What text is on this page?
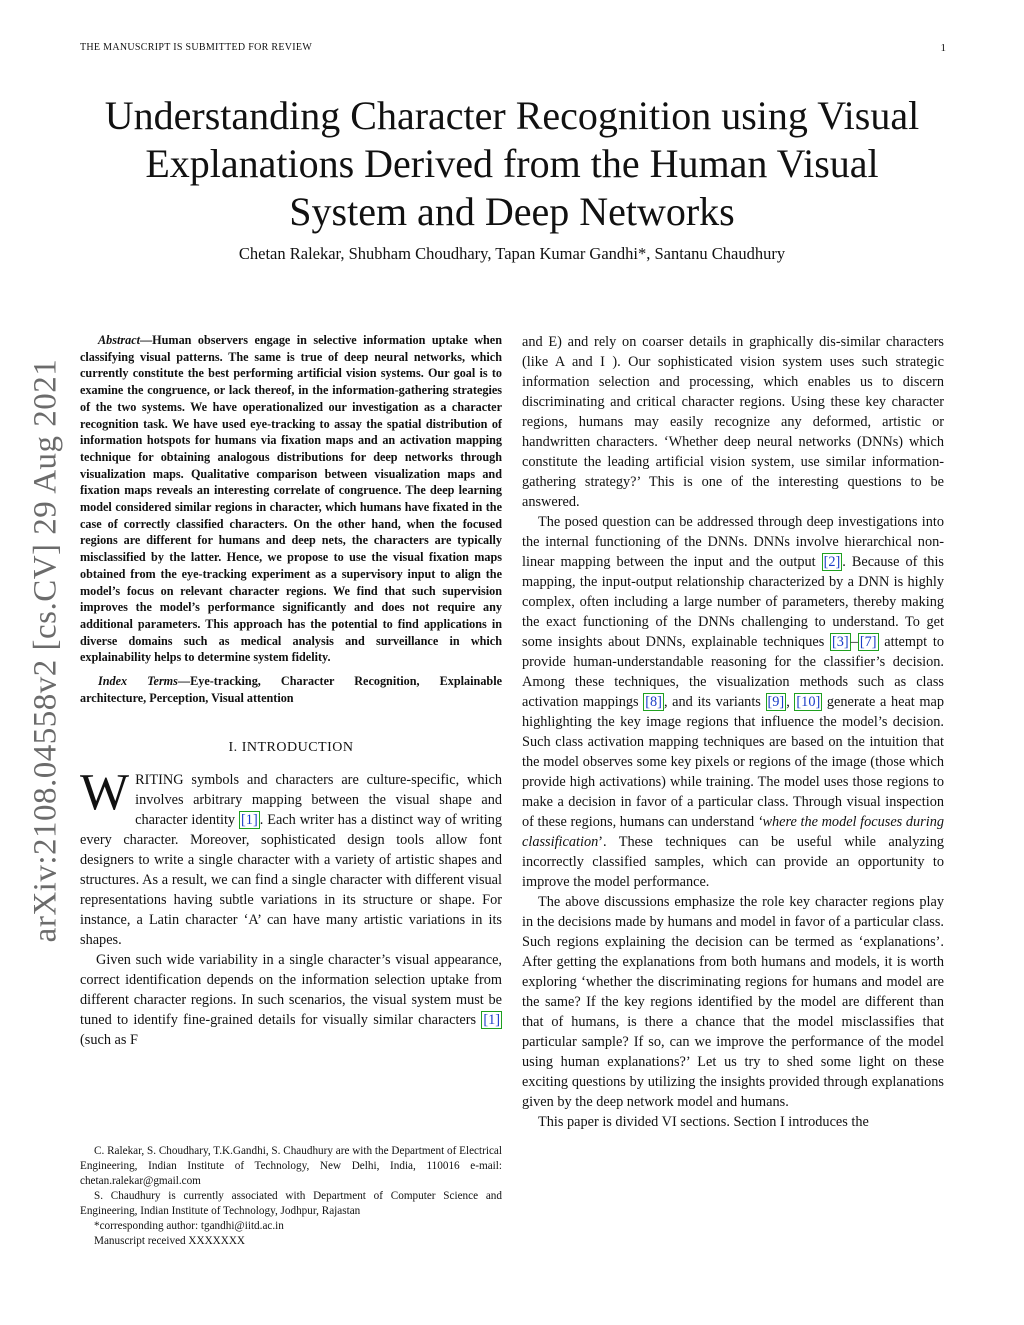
THE MANUSCRIPT IS SUBMITTED FOR REVIEW	1
arXiv:2108.04558v2 [cs.CV] 29 Aug 2021
Understanding Character Recognition using Visual
Explanations Derived from the Human Visual
System and Deep Networks
Chetan Ralekar, Shubham Choudhary, Tapan Kumar Gandhi*, Santanu Chaudhury

Abstract—Human observers engage in selective information uptake when classifying visual patterns. The same is true of deep neural networks, which currently constitute the best performing artificial vision systems. Our goal is to examine the congruence, or lack thereof, in the information-gathering strategies of the two systems. We have operationalized our investigation as a character recognition task. We have used eye-tracking to assay the spatial distribution of information hotspots for humans via fixation maps and an activation mapping technique for obtaining analogous distributions for deep networks through visualization maps. Qualitative comparison between visualization maps and fixation maps reveals an interesting correlate of congruence. The deep learning model considered similar regions in character, which humans have fixated in the case of correctly classified characters. On the other hand, when the focused regions are different for humans and deep nets, the characters are typically misclassified by the latter. Hence, we propose to use the visual fixation maps obtained from the eye-tracking experiment as a supervisory input to align the model’s focus on relevant character regions. We find that such supervision improves the model’s performance significantly and does not require any additional parameters. This approach has the potential to find applications in diverse domains such as medical analysis and surveillance in which explainability helps to determine system fidelity.

Index Terms—Eye-tracking, Character Recognition, Explainable architecture, Perception, Visual attention

I. INTRODUCTION

WRITING symbols and characters are culture-specific, which involves arbitrary mapping between the visual shape and character identity [1] . Each writer has a distinct way of writing every character. Moreover, sophisticated design tools allow font designers to write a single character with a variety of artistic shapes and structures. As a result, we can find a single character with different visual representations having subtle variations in its structure or shape. For instance, a Latin character ‘A’ can have many artistic variations in its shapes.

Given such wide variability in a single character’s visual appearance, correct identification depends on the information selection uptake from different character regions. In such scenarios, the visual system must be tuned to identify fine-grained details for visually similar characters [1] (such as F

C. Ralekar, S. Choudhary, T.K.Gandhi, S. Chaudhury are with the Department of Electrical Engineering, Indian Institute of Technology, New Delhi, India, 110016 e-mail: chetan.ralekar@gmail.com

S. Chaudhury is currently associated with Department of Computer Science and Engineering, Indian Institute of Technology, Jodhpur, Rajastan

*corresponding author: tgandhi@iitd.ac.in

Manuscript received XXXXXXX

and E) and rely on coarser details in graphically dis-similar characters (like A and I ). Our sophisticated vision system uses such strategic information selection and processing, which enables us to discern discriminating and critical character regions. Using these key character regions, humans may easily recognize any deformed, artistic or handwritten characters. ‘Whether deep neural networks (DNNs) which constitute the leading artificial vision system, use similar information-gathering strategy?’ This is one of the interesting questions to be answered.

The posed question can be addressed through deep investigations into the internal functioning of the DNNs. DNNs involve hierarchical non-linear mapping between the input and the output [2] . Because of this mapping, the input-output relationship characterized by a DNN is highly complex, often including a large number of parameters, thereby making the exact functioning of the DNNs challenging to understand. To get some insights about DNNs, explainable techniques [3] – [7] attempt to provide human-understandable reasoning for the classifier’s decision. Among these techniques, the visualization methods such as class activation mappings [8] , and its variants [9] , [10] generate a heat map highlighting the key image regions that influence the model’s decision. Such class activation mapping techniques are based on the intuition that the model observes some key pixels or regions of the image (those which provide high activations) while training. The model uses those regions to make a decision in favor of a particular class. Through visual inspection of these regions, humans can understand ‘where the model focuses during classification’. These techniques can be useful while analyzing incorrectly classified samples, which can provide an opportunity to improve the model performance.

The above discussions emphasize the role key character regions play in the decisions made by humans and model in favor of a particular class. Such regions explaining the decision can be termed as ‘explanations’. After getting the explanations from both humans and models, it is worth exploring ‘whether the discriminating regions for humans and model are the same? If the key regions identified by the model are different than that of humans, is there a chance that the model misclassifies that particular sample? If so, can we improve the performance of the model using human explanations?’ Let us try to shed some light on these exciting questions by utilizing the insights provided through explanations given by the deep network model and humans.

This paper is divided VI sections. Section I introduces the
